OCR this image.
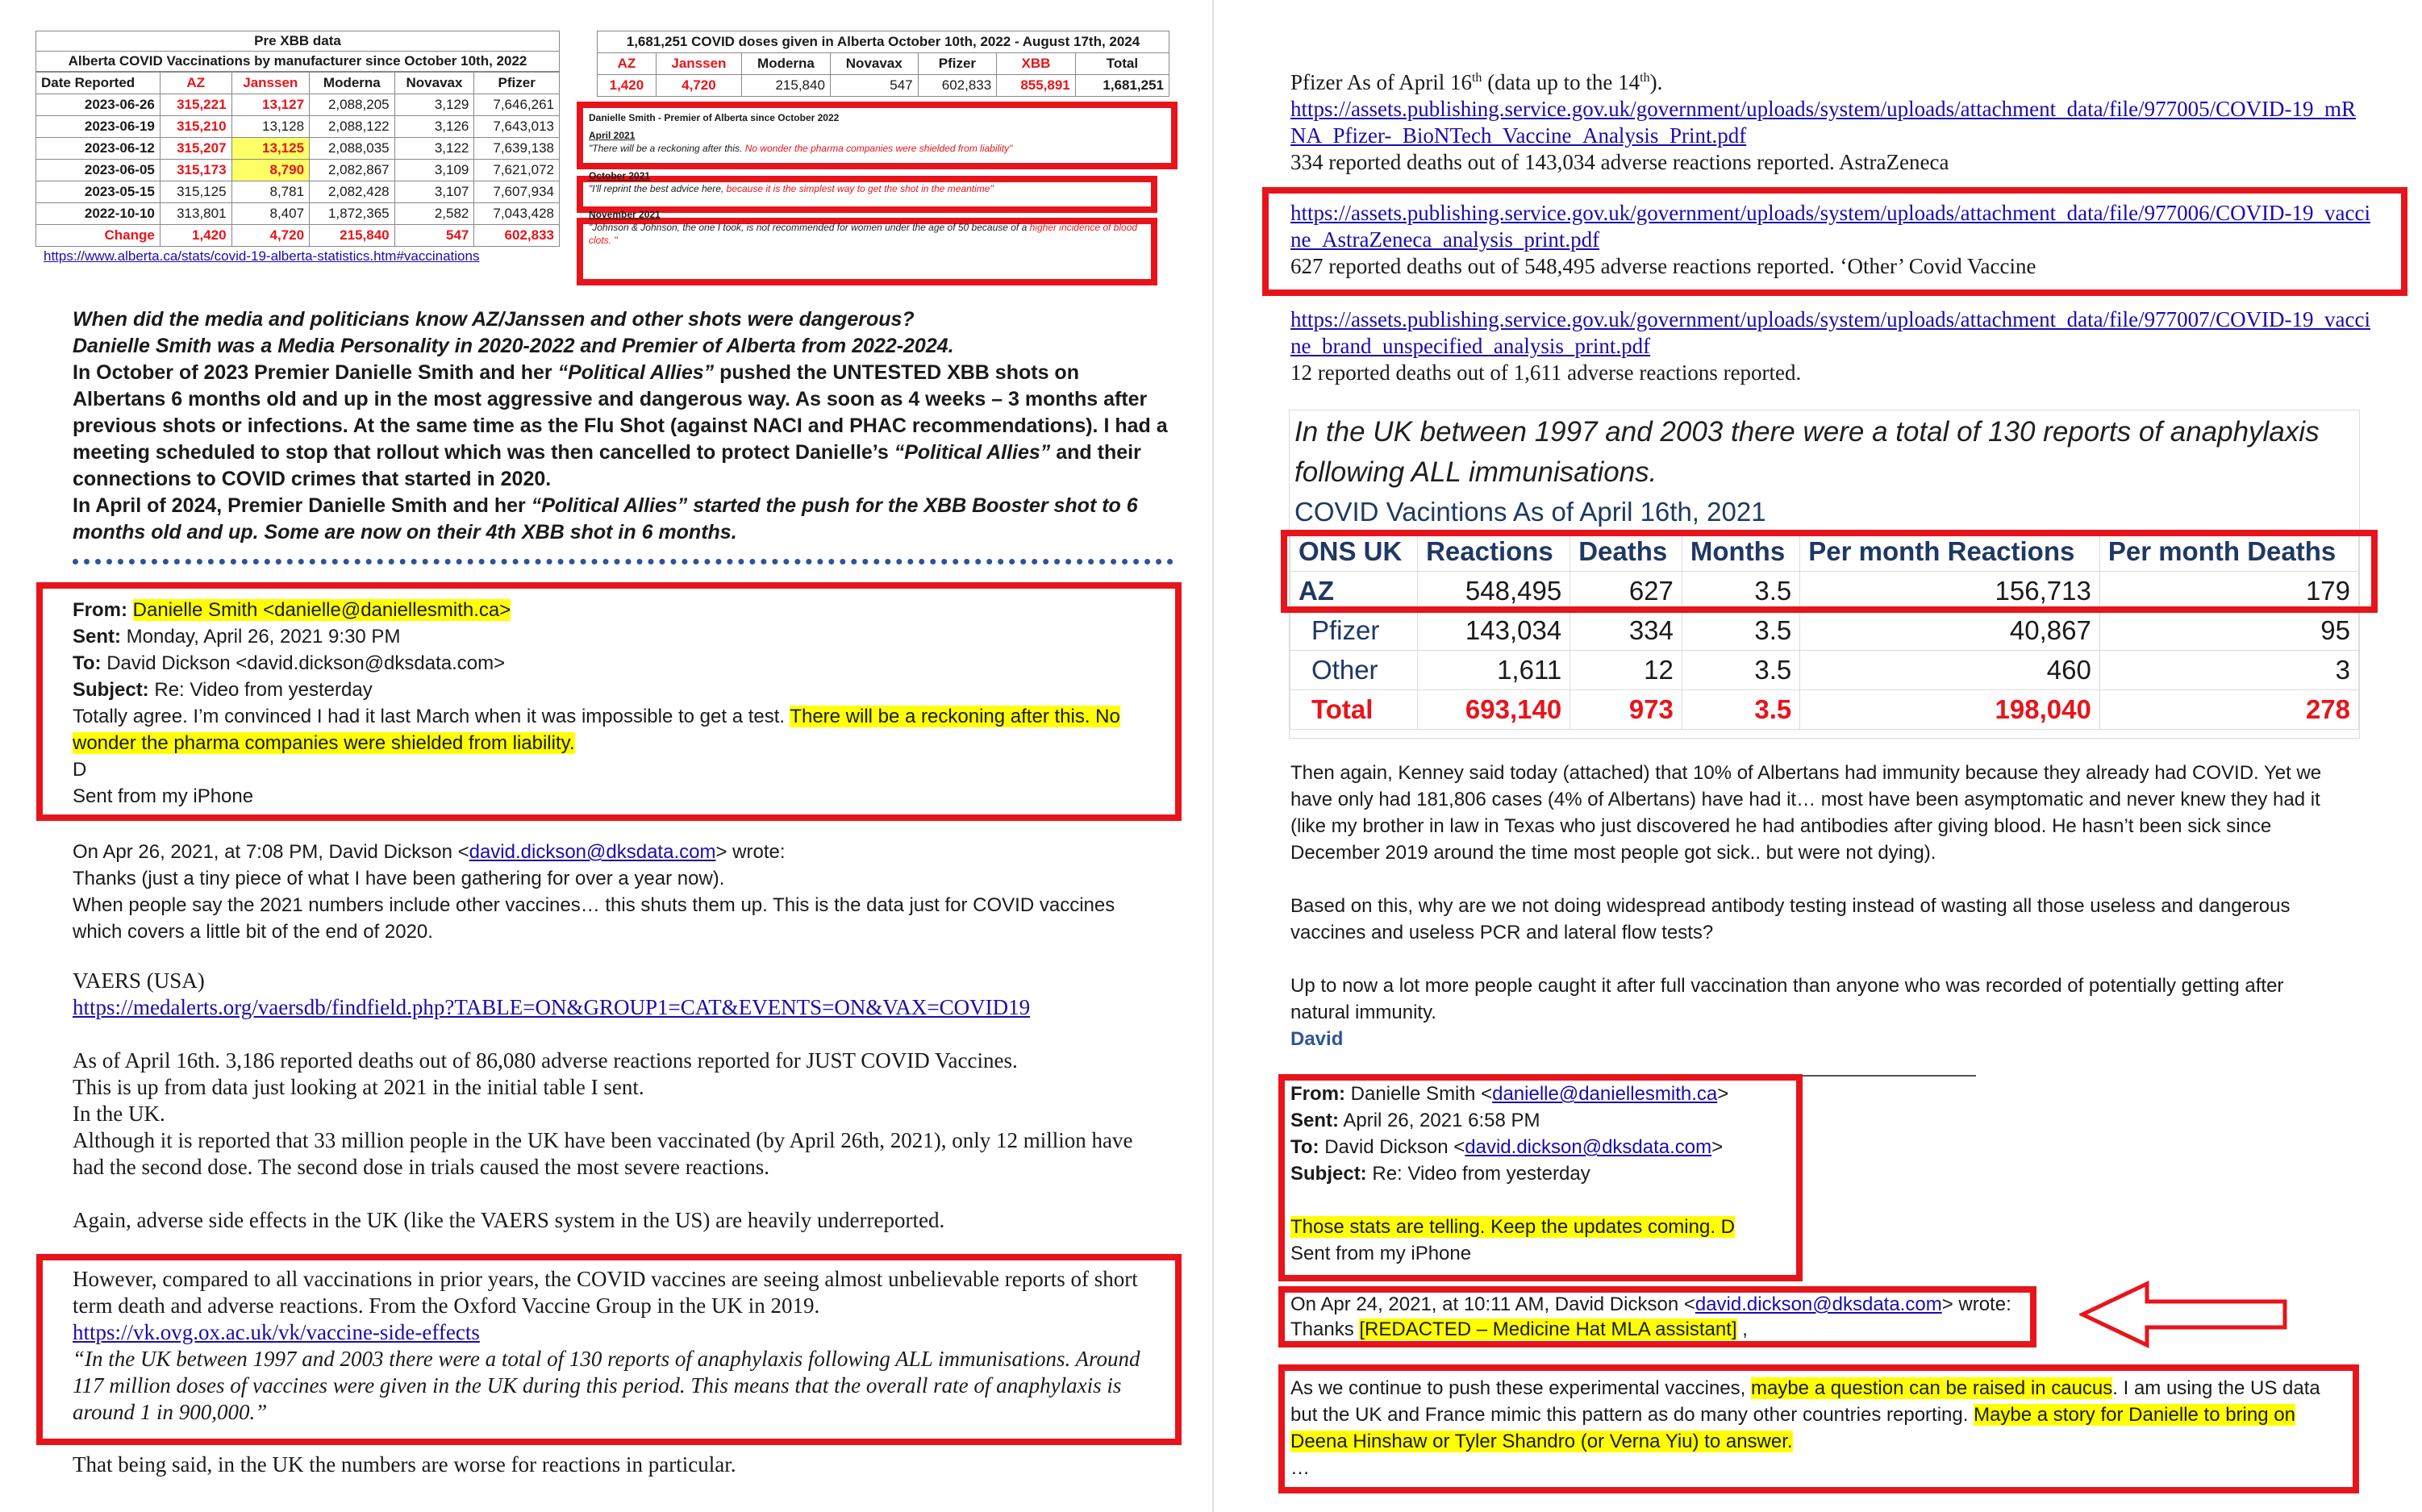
Pre XBB data
Alberta COVID Vaccinations by manufacturer since October 10th, 2022
Date Reported	AZ	Janssen	Moderna	Novavax	Pfizer
2023-06-26	315,221	13,127	2,088,205	3,129	7,646,261
2023-06-19	315,210	13,128	2,088,122	3,126	7,643,013
2023-06-12	315,207	13,125	2,088,035	3,122	7,639,138
2023-06-05	315,173	8,790	2,082,867	3,109	7,621,072
2023-05-15	315,125	8,781	2,082,428	3,107	7,607,934
2022-10-10	313,801	8,407	1,872,365	2,582	7,043,428
Change	1,420	4,720	215,840	547	602,833
https://www.alberta.ca/stats/covid-19-alberta-statistics.htm#vaccinations
1,681,251 COVID doses given in Alberta October 10th, 2022 - August 17th, 2024
AZ	Janssen	Moderna	Novavax	Pfizer	XBB	Total
1,420	4,720	215,840	547	602,833	855,891	1,681,251
Danielle Smith - Premier of Alberta since October 2022
April 2021
"There will be a reckoning after this. No wonder the pharma companies were shielded from liability"
October 2021
"I'll reprint the best advice here, because it is the simplest way to get the shot in the meantime"
November 2021
"Johnson & Johnson, the one I took, is not recommended for women under the age of 50 because of a higher incidence of blood clots. "
When did the media and politicians know AZ/Janssen and other shots were dangerous?
Danielle Smith was a Media Personality in 2020-2022 and Premier of Alberta from 2022-2024.
In October of 2023 Premier Danielle Smith and her “Political Allies” pushed the UNTESTED XBB shots on Albertans 6 months old and up in the most aggressive and dangerous way. As soon as 4 weeks – 3 months after previous shots or infections. At the same time as the Flu Shot (against NACI and PHAC recommendations). I had a meeting scheduled to stop that rollout which was then cancelled to protect Danielle’s “Political Allies” and their connections to COVID crimes that started in 2020.
In April of 2024, Premier Danielle Smith and her “Political Allies” started the push for the XBB Booster shot to 6 months old and up. Some are now on their 4th XBB shot in 6 months.
From: Danielle Smith <danielle@daniellesmith.ca>
Sent: Monday, April 26, 2021 9:30 PM
To: David Dickson <david.dickson@dksdata.com>
Subject: Re: Video from yesterday
Totally agree. I’m convinced I had it last March when it was impossible to get a test. There will be a reckoning after this. No wonder the pharma companies were shielded from liability.
D
Sent from my iPhone
On Apr 26, 2021, at 7:08 PM, David Dickson <david.dickson@dksdata.com> wrote:
Thanks (just a tiny piece of what I have been gathering for over a year now).
When people say the 2021 numbers include other vaccines… this shuts them up. This is the data just for COVID vaccines which covers a little bit of the end of 2020.
VAERS (USA)
https://medalerts.org/vaersdb/findfield.php?TABLE=ON&GROUP1=CAT&EVENTS=ON&VAX=COVID19
As of April 16th. 3,186 reported deaths out of 86,080 adverse reactions reported for JUST COVID Vaccines.
This is up from data just looking at 2021 in the initial table I sent.
In the UK.
Although it is reported that 33 million people in the UK have been vaccinated (by April 26th, 2021), only 12 million have had the second dose. The second dose in trials caused the most severe reactions.
Again, adverse side effects in the UK (like the VAERS system in the US) are heavily underreported.
However, compared to all vaccinations in prior years, the COVID vaccines are seeing almost unbelievable reports of short term death and adverse reactions. From the Oxford Vaccine Group in the UK in 2019.
https://vk.ovg.ox.ac.uk/vk/vaccine-side-effects
“In the UK between 1997 and 2003 there were a total of 130 reports of anaphylaxis following ALL immunisations. Around 117 million doses of vaccines were given in the UK during this period. This means that the overall rate of anaphylaxis is around 1 in 900,000.”
That being said, in the UK the numbers are worse for reactions in particular.
Pfizer As of April 16th (data up to the 14th).
https://assets.publishing.service.gov.uk/government/uploads/system/uploads/attachment_data/file/977005/COVID-19_mRNA_Pfizer-_BioNTech_Vaccine_Analysis_Print.pdf
334 reported deaths out of 143,034 adverse reactions reported. AstraZeneca
https://assets.publishing.service.gov.uk/government/uploads/system/uploads/attachment_data/file/977006/COVID-19_vaccine_AstraZeneca_analysis_print.pdf
627 reported deaths out of 548,495 adverse reactions reported. ‘Other’ Covid Vaccine
https://assets.publishing.service.gov.uk/government/uploads/system/uploads/attachment_data/file/977007/COVID-19_vaccine_brand_unspecified_analysis_print.pdf
12 reported deaths out of 1,611 adverse reactions reported.
In the UK between 1997 and 2003 there were a total of 130 reports of anaphylaxis following ALL immunisations.
COVID Vacintions As of April 16th, 2021
ONS UK	Reactions	Deaths	Months	Per month Reactions	Per month Deaths
AZ	548,495	627	3.5	156,713	179
Pfizer	143,034	334	3.5	40,867	95
Other	1,611	12	3.5	460	3
Total	693,140	973	3.5	198,040	278
Then again, Kenney said today (attached) that 10% of Albertans had immunity because they already had COVID. Yet we have only had 181,806 cases (4% of Albertans) have had it… most have been asymptomatic and never knew they had it (like my brother in law in Texas who just discovered he had antibodies after giving blood. He hasn’t been sick since December 2019 around the time most people got sick.. but were not dying).
Based on this, why are we not doing widespread antibody testing instead of wasting all those useless and dangerous vaccines and useless PCR and lateral flow tests?
Up to now a lot more people caught it after full vaccination than anyone who was recorded of potentially getting after natural immunity.
David
From: Danielle Smith <danielle@daniellesmith.ca>
Sent: April 26, 2021 6:58 PM
To: David Dickson <david.dickson@dksdata.com>
Subject: Re: Video from yesterday
Those stats are telling. Keep the updates coming. D
Sent from my iPhone
On Apr 24, 2021, at 10:11 AM, David Dickson <david.dickson@dksdata.com> wrote:
Thanks [REDACTED – Medicine Hat MLA assistant] ,
As we continue to push these experimental vaccines, maybe a question can be raised in caucus. I am using the US data but the UK and France mimic this pattern as do many other countries reporting. Maybe a story for Danielle to bring on Deena Hinshaw or Tyler Shandro (or Verna Yiu) to answer.
…
